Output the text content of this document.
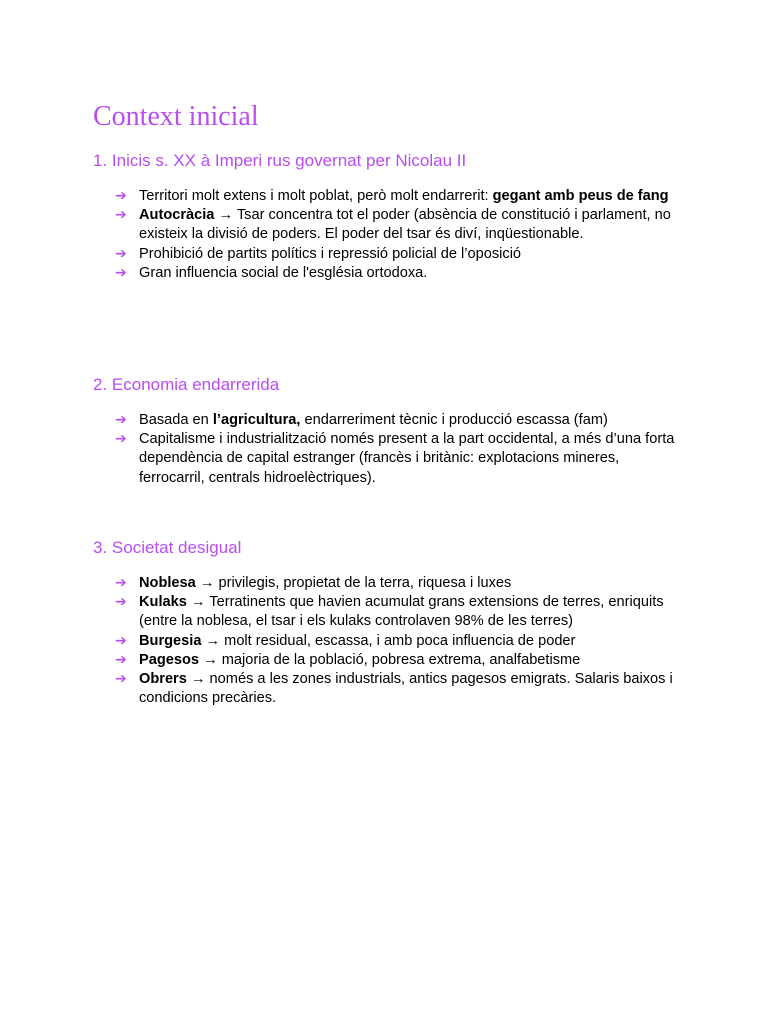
Context inicial
1. Inicis s. XX à Imperi rus governat per Nicolau II
➔ Territori molt extens i molt poblat, però molt endarrerit: gegant amb peus de fang
➔ Autocràcia → Tsar concentra tot el poder (absència de constitució i parlament, no existeix la divisió de poders. El poder del tsar és diví, inqüestionable.
➔ Prohibició de partits polítics i repressió policial de l’oposició
➔ Gran influencia social de l'església ortodoxa.
2. Economia endarrerida
➔ Basada en l’agricultura, endarreriment tècnic i producció escassa (fam)
➔ Capitalisme i industrialització només present a la part occidental, a més d’una forta dependència de capital estranger (francès i britànic: explotacions mineres, ferrocarril, centrals hidroelèctriques).
3. Societat desigual
➔ Noblesa → privilegis, propietat de la terra, riquesa i luxes
➔ Kulaks → Terratinents que havien acumulat grans extensions de terres, enriquits (entre la noblesa, el tsar i els kulaks controlaven 98% de les terres)
➔ Burgesia → molt residual, escassa, i amb poca influencia de poder
➔ Pagesos → majoria de la població, pobresa extrema, analfabetisme
➔ Obrers → només a les zones industrials, antics pagesos emigrats. Salaris baixos i condicions precàries.
